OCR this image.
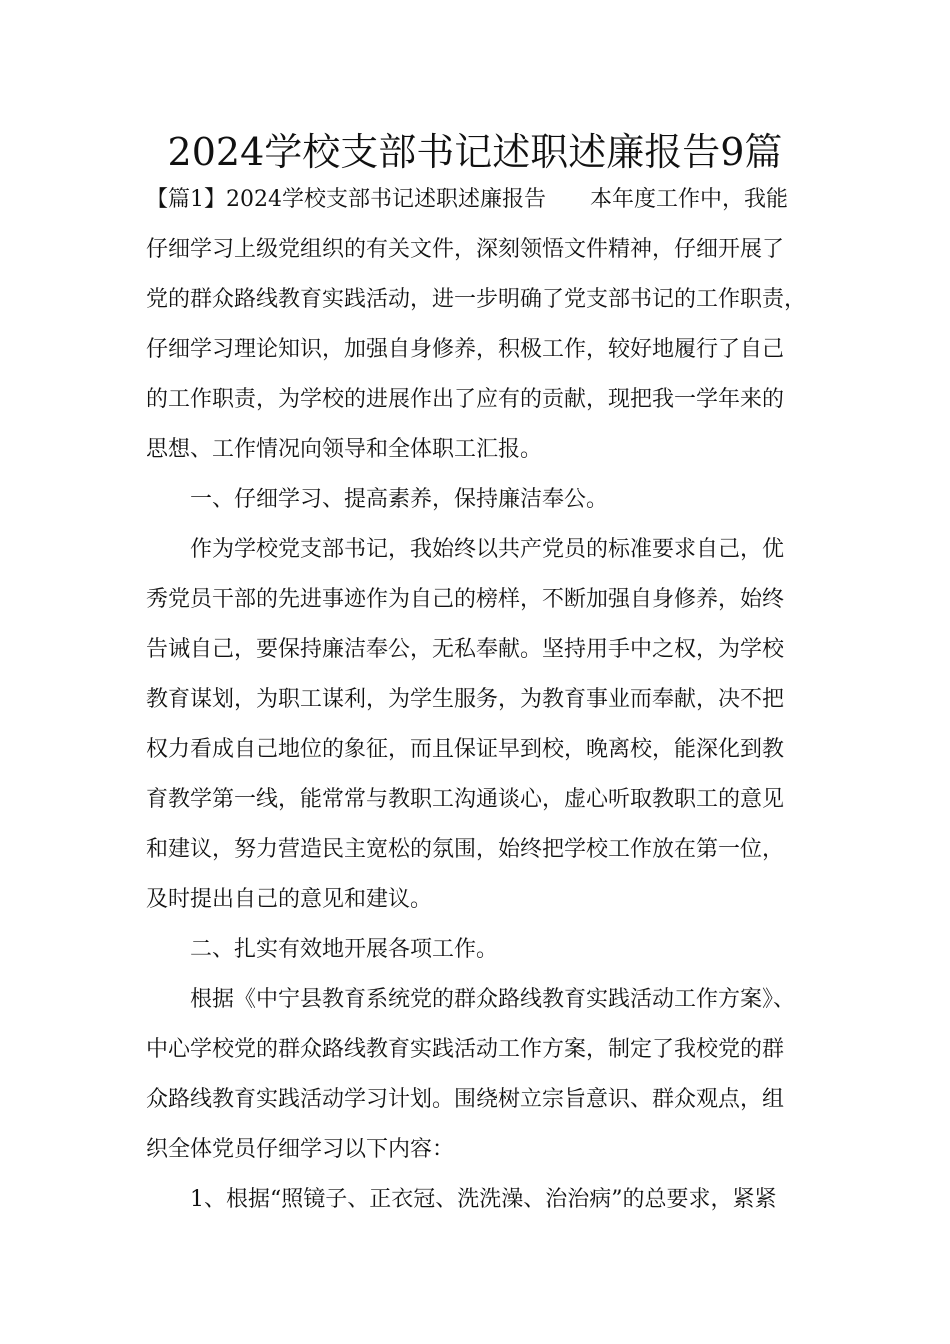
2024学校支部书记述职述廉报告9篇

【篇1】2024学校支部书记述职述廉报告　　本年度工作中，我能

仔细学习上级党组织的有关文件，深刻领悟文件精神，仔细开展了

党的群众路线教育实践活动，进一步明确了党支部书记的工作职责，

仔细学习理论知识，加强自身修养，积极工作，较好地履行了自己

的工作职责，为学校的进展作出了应有的贡献，现把我一学年来的

思想、工作情况向领导和全体职工汇报。

　　一、仔细学习、提高素养，保持廉洁奉公。

　　作为学校党支部书记，我始终以共产党员的标准要求自己，优

秀党员干部的先进事迹作为自己的榜样，不断加强自身修养，始终

告诫自己，要保持廉洁奉公，无私奉献。坚持用手中之权，为学校

教育谋划，为职工谋利，为学生服务，为教育事业而奉献，决不把

权力看成自己地位的象征，而且保证早到校，晚离校，能深化到教

育教学第一线，能常常与教职工沟通谈心，虚心听取教职工的意见

和建议，努力营造民主宽松的氛围，始终把学校工作放在第一位，

及时提出自己的意见和建议。

　　二、扎实有效地开展各项工作。

　　根据《中宁县教育系统党的群众路线教育实践活动工作方案》、

中心学校党的群众路线教育实践活动工作方案，制定了我校党的群

众路线教育实践活动学习计划。围绕树立宗旨意识、群众观点，组

织全体党员仔细学习以下内容：

　　1、根据“照镜子、正衣冠、洗洗澡、治治病”的总要求，紧紧
